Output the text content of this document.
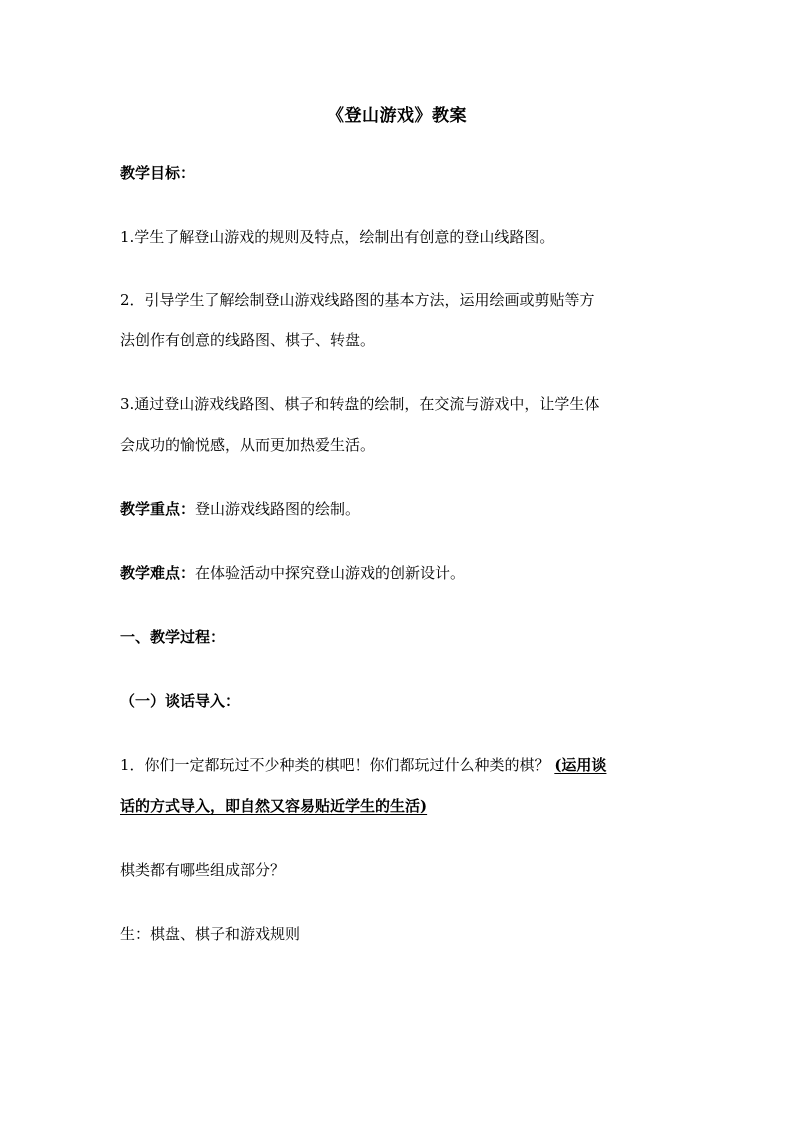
《登山游戏》教案
教学目标：
1.学生了解登山游戏的规则及特点，绘制出有创意的登山线路图。
2．引导学生了解绘制登山游戏线路图的基本方法，运用绘画或剪贴等方
法创作有创意的线路图、棋子、转盘。
3.通过登山游戏线路图、棋子和转盘的绘制，在交流与游戏中，让学生体
会成功的愉悦感，从而更加热爱生活。
教学重点：登山游戏线路图的绘制。
教学难点：在体验活动中探究登山游戏的创新设计。
一、教学过程：
（一）谈话导入：
1．你们一定都玩过不少种类的棋吧！你们都玩过什么种类的棋？ (运用谈
话的方式导入，即自然又容易贴近学生的生活)
棋类都有哪些组成部分？
生：棋盘、棋子和游戏规则
